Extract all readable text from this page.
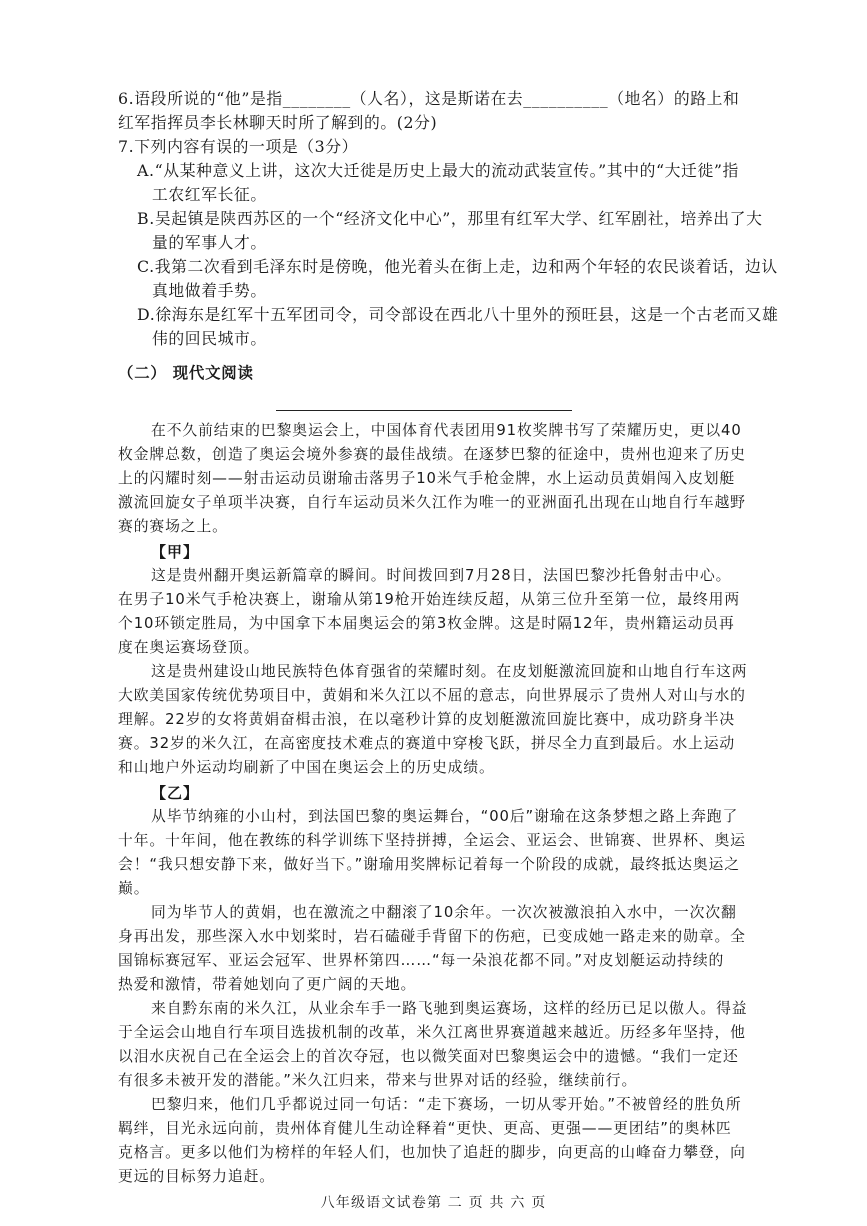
6.语段所说的“他”是指________（人名），这是斯诺在去__________（地名）的路上和
红军指挥员李长林聊天时所了解到的。(2分)
7.下列内容有误的一项是（3分）
A.“从某种意义上讲，这次大迁徙是历史上最大的流动武装宣传。”其中的“大迁徙”指
工农红军长征。
B.吴起镇是陕西苏区的一个“经济文化中心”，那里有红军大学、红军剧社，培养出了大
量的军事人才。
C.我第二次看到毛泽东时是傍晚，他光着头在街上走，边和两个年轻的农民谈着话，边认
真地做着手势。
D.徐海东是红军十五军团司令，司令部设在西北八十里外的预旺县，这是一个古老而又雄
伟的回民城市。
（二） 现代文阅读
在不久前结束的巴黎奥运会上，中国体育代表团用91枚奖牌书写了荣耀历史，更以40
枚金牌总数，创造了奥运会境外参赛的最佳战绩。在逐梦巴黎的征途中，贵州也迎来了历史
上的闪耀时刻——射击运动员谢瑜击落男子10米气手枪金牌，水上运动员黄娟闯入皮划艇
激流回旋女子单项半决赛，自行车运动员米久江作为唯一的亚洲面孔出现在山地自行车越野
赛的赛场之上。
【甲】
这是贵州翻开奥运新篇章的瞬间。时间拨回到7月28日，法国巴黎沙托鲁射击中心。
在男子10米气手枪决赛上，谢瑜从第19枪开始连续反超，从第三位升至第一位，最终用两
个10环锁定胜局，为中国拿下本届奥运会的第3枚金牌。这是时隔12年，贵州籍运动员再
度在奥运赛场登顶。
这是贵州建设山地民族特色体育强省的荣耀时刻。在皮划艇激流回旋和山地自行车这两
大欧美国家传统优势项目中，黄娟和米久江以不屈的意志，向世界展示了贵州人对山与水的
理解。22岁的女将黄娟奋楫击浪，在以毫秒计算的皮划艇激流回旋比赛中，成功跻身半决
赛。32岁的米久江，在高密度技术难点的赛道中穿梭飞跃，拼尽全力直到最后。水上运动
和山地户外运动均刷新了中国在奥运会上的历史成绩。
【乙】
从毕节纳雍的小山村，到法国巴黎的奥运舞台，“00后”谢瑜在这条梦想之路上奔跑了
十年。十年间，他在教练的科学训练下坚持拼搏，全运会、亚运会、世锦赛、世界杯、奥运
会！“我只想安静下来，做好当下。”谢瑜用奖牌标记着每一个阶段的成就，最终抵达奥运之
巅。
同为毕节人的黄娟，也在激流之中翻滚了10余年。一次次被激浪拍入水中，一次次翻
身再出发，那些深入水中划桨时，岩石磕碰手背留下的伤疤，已变成她一路走来的勋章。全
国锦标赛冠军、亚运会冠军、世界杯第四……“每一朵浪花都不同。”对皮划艇运动持续的
热爱和激情，带着她划向了更广阔的天地。
来自黔东南的米久江，从业余车手一路飞驰到奥运赛场，这样的经历已足以傲人。得益
于全运会山地自行车项目选拔机制的改革，米久江离世界赛道越来越近。历经多年坚持，他
以泪水庆祝自己在全运会上的首次夺冠，也以微笑面对巴黎奥运会中的遗憾。“我们一定还
有很多未被开发的潜能。”米久江归来，带来与世界对话的经验，继续前行。
巴黎归来，他们几乎都说过同一句话：“走下赛场，一切从零开始。”不被曾经的胜负所
羁绊，目光永远向前，贵州体育健儿生动诠释着“更快、更高、更强——更团结”的奥林匹
克格言。更多以他们为榜样的年轻人们，也加快了追赶的脚步，向更高的山峰奋力攀登，向
更远的目标努力追赶。
八年级语文试卷第 二 页 共 六 页
